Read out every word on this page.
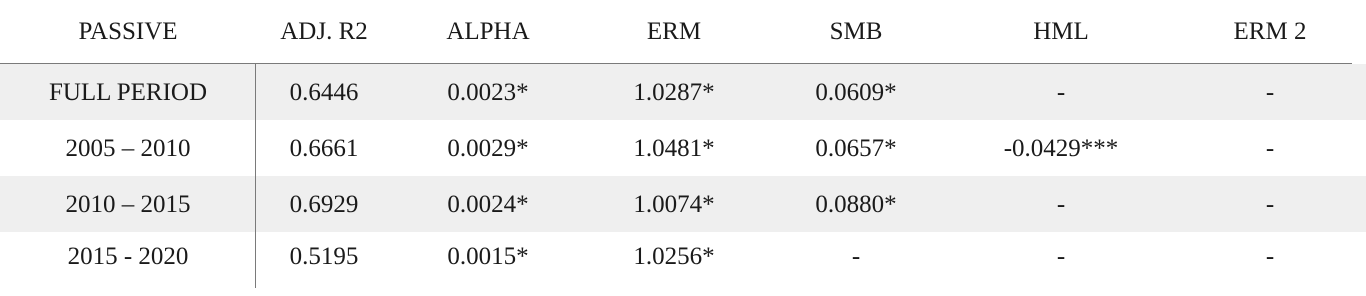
PASSIVE	ADJ. R2	ALPHA	ERM	SMB	HML	ERM 2
FULL PERIOD	0.6446	0.0023*	1.0287*	0.0609*	-	-
2005 – 2010	0.6661	0.0029*	1.0481*	0.0657*	-0.0429***	-
2010 – 2015	0.6929	0.0024*	1.0074*	0.0880*	-	-
2015 - 2020	0.5195	0.0015*	1.0256*	-	-	-
